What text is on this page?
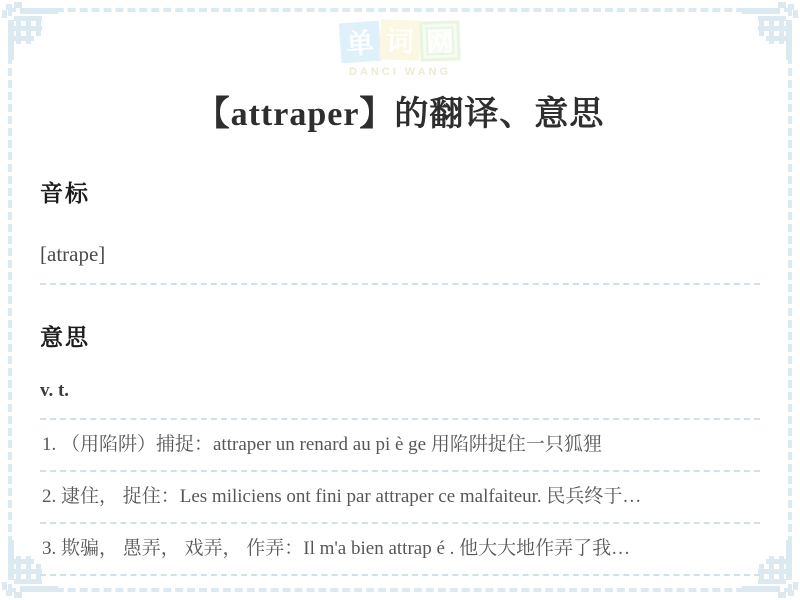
单 词 网
DANCI WANG
【attraper】的翻译、意思
音标
[atrape]
意思
v. t.
1. （用陷阱）捕捉：attraper un renard au pi è ge 用陷阱捉住一只狐狸
2. 逮住， 捉住：Les miliciens ont fini par attraper ce malfaiteur. 民兵终于…
3. 欺骗， 愚弄， 戏弄， 作弄：Il m'a bien attrap é . 他大大地作弄了我…
